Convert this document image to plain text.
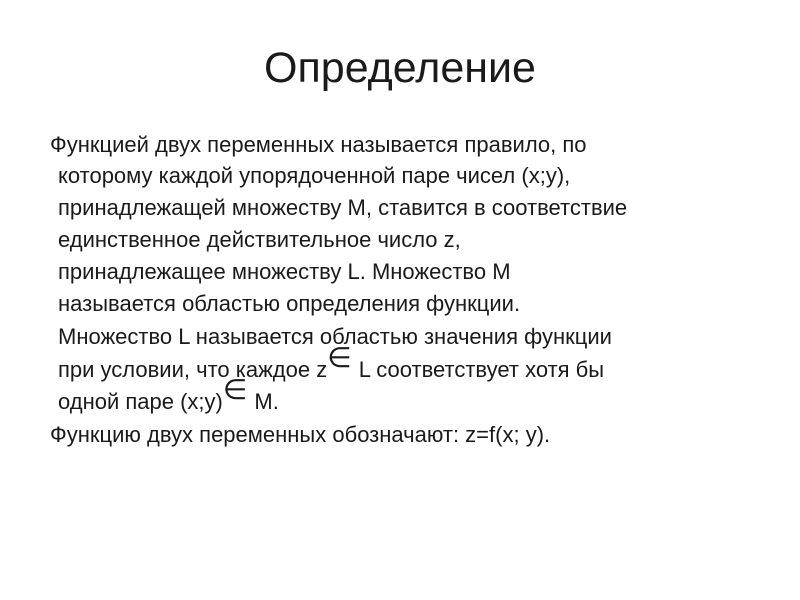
Определение
Функцией двух переменных называется правило, по
которому каждой упорядоченной паре чисел (x;y),
принадлежащей множеству М, ставится в соответствие
единственное действительное число z,
принадлежащее множеству L. Множество М
называется областью определения функции.
Множество L называется областью значения функции
при условии, что каждое z∈ L соответствует хотя бы
одной паре (x;y)∈ M.
Функцию двух переменных обозначают: z=f(x; y).
